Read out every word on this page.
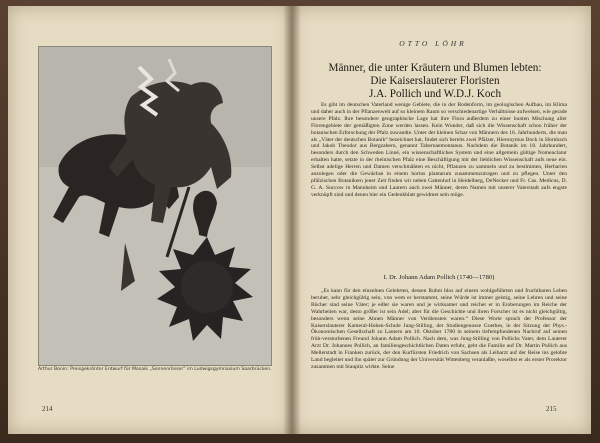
Arthur Bonin: Preisgekrönter Entwurf für Mosaik „Sonnenrösser“ im Ludwigsgymnasium Saarbrücken.
214
OTTO LÖHR
Männer, die unter Kräutern und Blumen lebten:
Die Kaiserslauterer Floristen
J.A. Pollich und W.D.J. Koch

Es gibt im deutschen Vaterland wenige Gebiete, die in der Bodenform, im geologischen Aufbau, im Klima und daher auch in der Pflanzenwelt auf so kleinem Raum so verschiedenartige Verhältnisse aufweisen, wie gerade unsere Pfalz. Ihre besondere geographische Lage hat ihre Flora außerdem zu einer bunten Mischung aller Florengebiete der gemäßigten Zone werden lassen. Kein Wunder, daß sich die Wissenschaft schon früher der botanischen Erforschung der Pfalz zuwandte. Unter der kleinen Schar von Männern des 16. Jahrhunderts, die man als „Väter der deutschen Botanik“ bezeichnet hat, findet sich bereits zwei Pfälzer, Hieronymus Bock in Hornbach und Jakob Theodor aus Bergzabern, genannt Tabernaemontanus. Nachdem die Botanik im 18. Jahrhundert, besonders durch den Schweden Linné, ein wissenschaftliches System und eine allgemein gültige Nomenclatur erhalten hatte, setzte in der rheinischen Pfalz eine Beschäftigung mit der lieblichen Wissenschaft aufs neue ein. Selbst adelige Herren und Damen verschmähten es nicht, Pflanzen zu sammeln und zu bestimmen, Herbarien anzulegen oder die Gewächse in einem hortus plantarum zusammenzutragen und zu pflegen. Unter den pfälzischen Botanikern jener Zeit finden wir neben Gattenhof in Heidelberg, DeNecker und Fr. Cas. Medicus, D. G. A. Succow in Mannheim und Lautern auch zwei Männer, deren Namen mit unserer Vaterstadt aufs engste verknüpft sind und denen hier ein Gedenkblatt gewidmet sein möge.

I. Dr. Johann Adam Pollich (1740—1780)

„Es kann für den einzelnen Gelehrten, dessen Ruhm blos auf einem wohlgeführten und fruchtbaren Leben beruhet, sehr gleichgültig sein, von wem er herstammt, seine Würde ist immer geistig, seine Lehren und seine Bücher sind seine Väter; je edler sie waren und je wirksamer und reicher er in Eroberungen im Reiche der Wahrheiten war, desto größer ist sein Adel; aber für die Geschichte und ihren Forscher ist es nicht gleichgültig, besonders wenn seine Ahnen Männer von Verdiensten waren.“ Diese Worte sprach der Professor der Kaiserslauterer Kameral-Hohen-Schule Jung-Stilling, der Studiengenosse Goethes, in der Sitzung der Phys.-Ökonomischen Gesellschaft zu Lautern am 10. Oktober 1780 in seinem tiefempfundenen Nachruf auf seinen früh-verstorbenen Freund Johann Adam Pollich. Nach dem, was Jung-Stilling von Pollichs Vater, dem Lauterer Arzt Dr. Johannes Pollich, an familiengeschichtlichen Daten erfuhr, geht die Familie auf Dr. Martin Pollich aus Mellerstadt in Franken zurück, der den Kurfürsten Friedrich von Sachsen als Leibarzt auf der Reise ins gelobte Land begleitet und ihn später zur Gründung der Universität Wittenberg veranlaßte, woselbst er als erster Prorektor zusammen mit Staupitz wirkte. Seine

215
